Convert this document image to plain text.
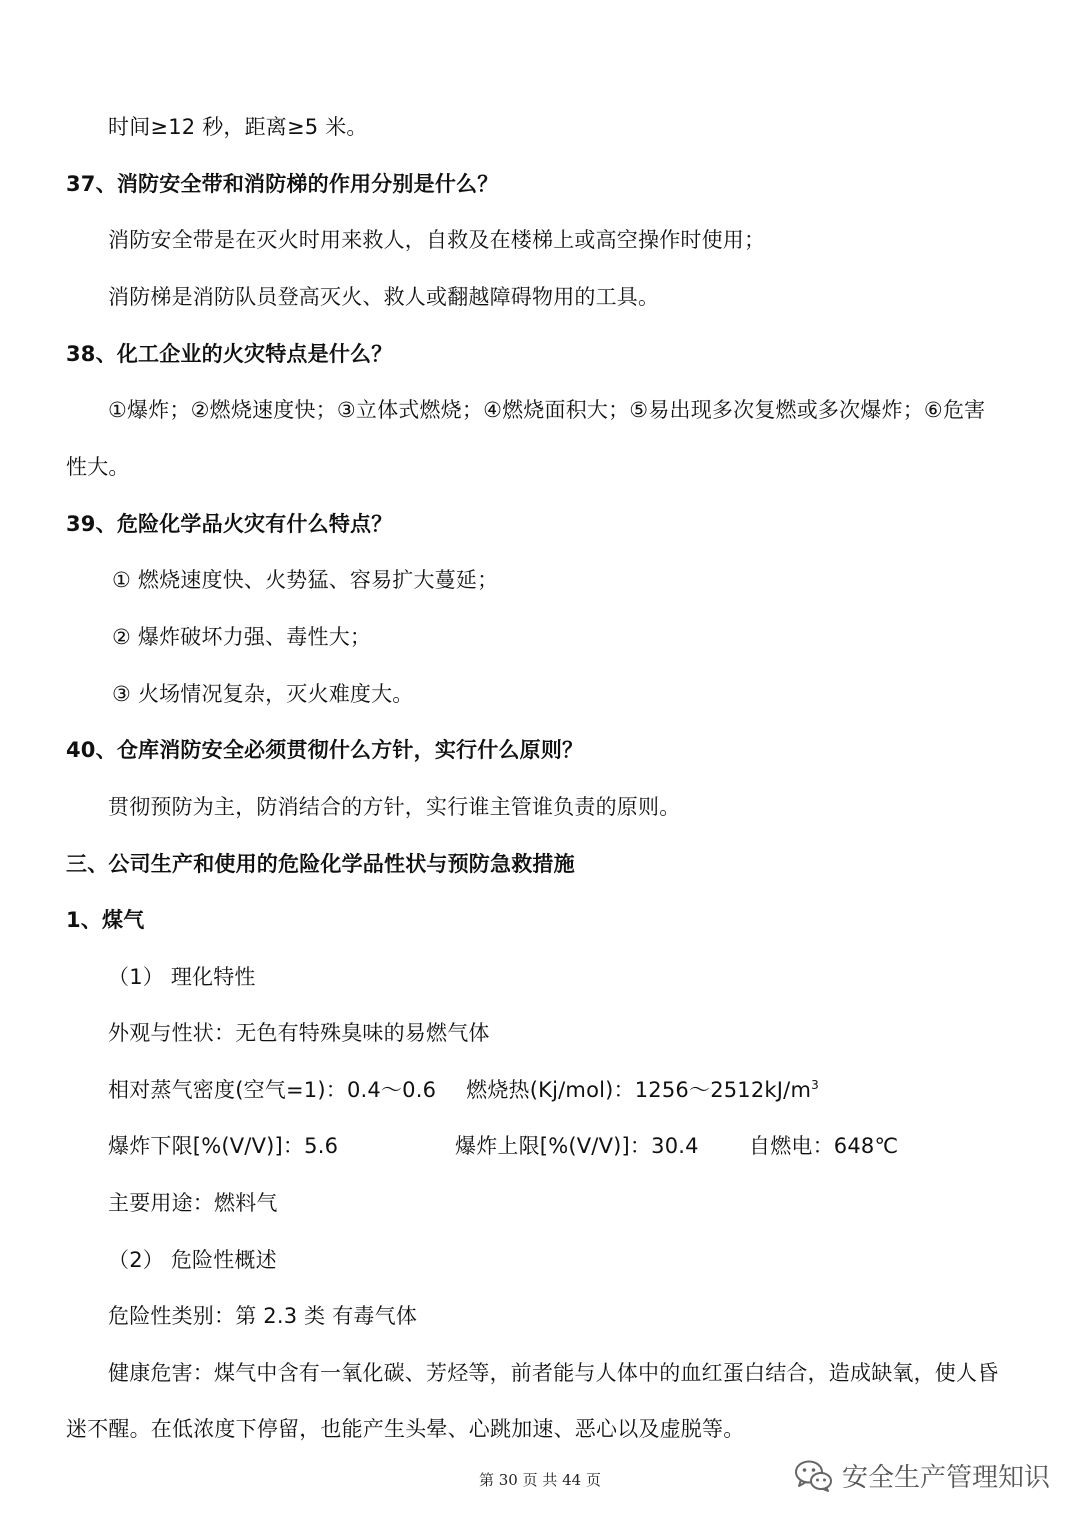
时间≥12 秒，距离≥5 米。
37、消防安全带和消防梯的作用分别是什么？
消防安全带是在灭火时用来救人，自救及在楼梯上或高空操作时使用；
消防梯是消防队员登高灭火、救人或翻越障碍物用的工具。
38、化工企业的火灾特点是什么？
①爆炸；②燃烧速度快；③立体式燃烧；④燃烧面积大；⑤易出现多次复燃或多次爆炸；⑥危害
性大。
39、危险化学品火灾有什么特点？
① 燃烧速度快、火势猛、容易扩大蔓延；
② 爆炸破坏力强、毒性大；
③ 火场情况复杂，灭火难度大。
40、仓库消防安全必须贯彻什么方针，实行什么原则？
贯彻预防为主，防消结合的方针，实行谁主管谁负责的原则。
三、公司生产和使用的危险化学品性状与预防急救措施
1、煤气
（1） 理化特性
外观与性状：无色有特殊臭味的易燃气体
相对蒸气密度(空气=1)：0.4～0.6 燃烧热(Kj/mol)：$1256\sim 2512kJ/m^3$
爆炸下限[%(V/V)]：5.6	爆炸上限[%(V/V)]：30.4 自燃电：648℃
主要用途：燃料气
（2） 危险性概述
危险性类别：第 2.3 类 有毒气体
健康危害：煤气中含有一氧化碳、芳烃等，前者能与人体中的血红蛋白结合，造成缺氧，使人昏
迷不醒。在低浓度下停留，也能产生头晕、心跳加速、恶心以及虚脱等。
第 30 页 共 44 页	安全生产管理知识
